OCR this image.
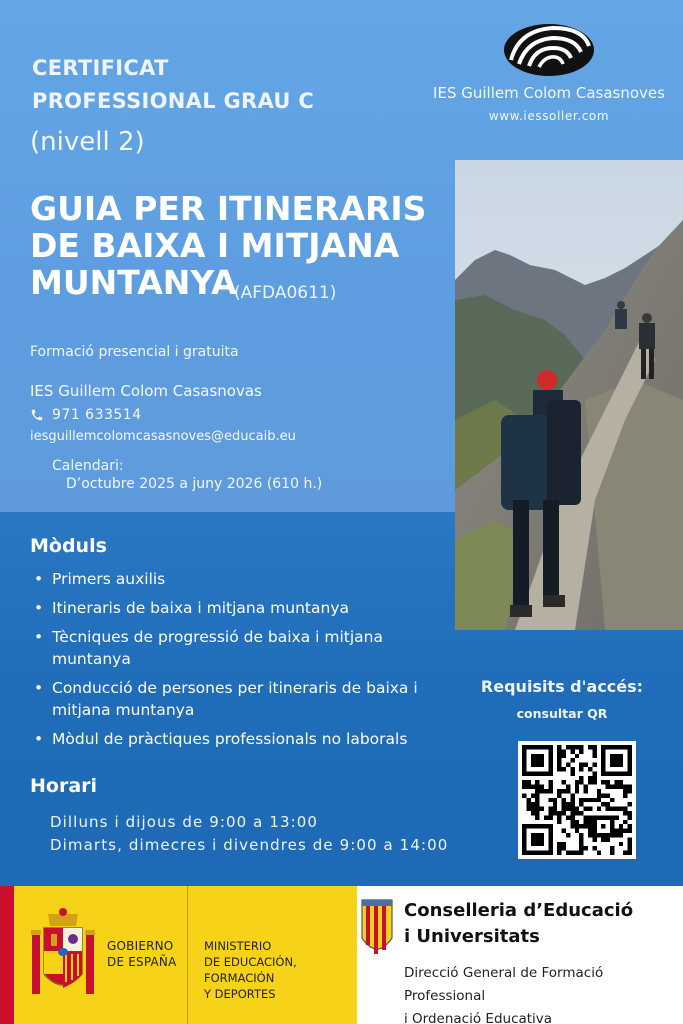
CERTIFICAT
PROFESSIONAL GRAU C
(nivell 2)
GUIA PER ITINERARIS
DE BAIXA I MITJANA
MUNTANYA
(AFDA0611)
IES Guillem Colom Casasnoves
www.iessoller.com
Formació presencial i gratuita
IES Guillem Colom Casasnovas
971 633514
iesguillemcolomcasasnoves@educaib.eu
Calendari:
D’octubre 2025 a juny 2026 (610 h.)
Mòduls
• Primers auxilis
• Itineraris de baixa i mitjana muntanya
• Tècniques de progressió de baixa i mitjana muntanya
• Conducció de persones per itineraris de baixa i mitjana muntanya
• Mòdul de pràctiques professionals no laborals
Horari
Dilluns i dijous de 9:00 a 13:00
Dimarts, dimecres i divendres de 9:00 a 14:00
Requisits d'accés:
consultar QR
GOBIERNO
DE ESPAÑA
MINISTERIO
DE EDUCACIÓN, FORMACIÓN
Y DEPORTES
Conselleria d’Educació
i Universitats
Direcció General de Formació Professional
i Ordenació Educativa
